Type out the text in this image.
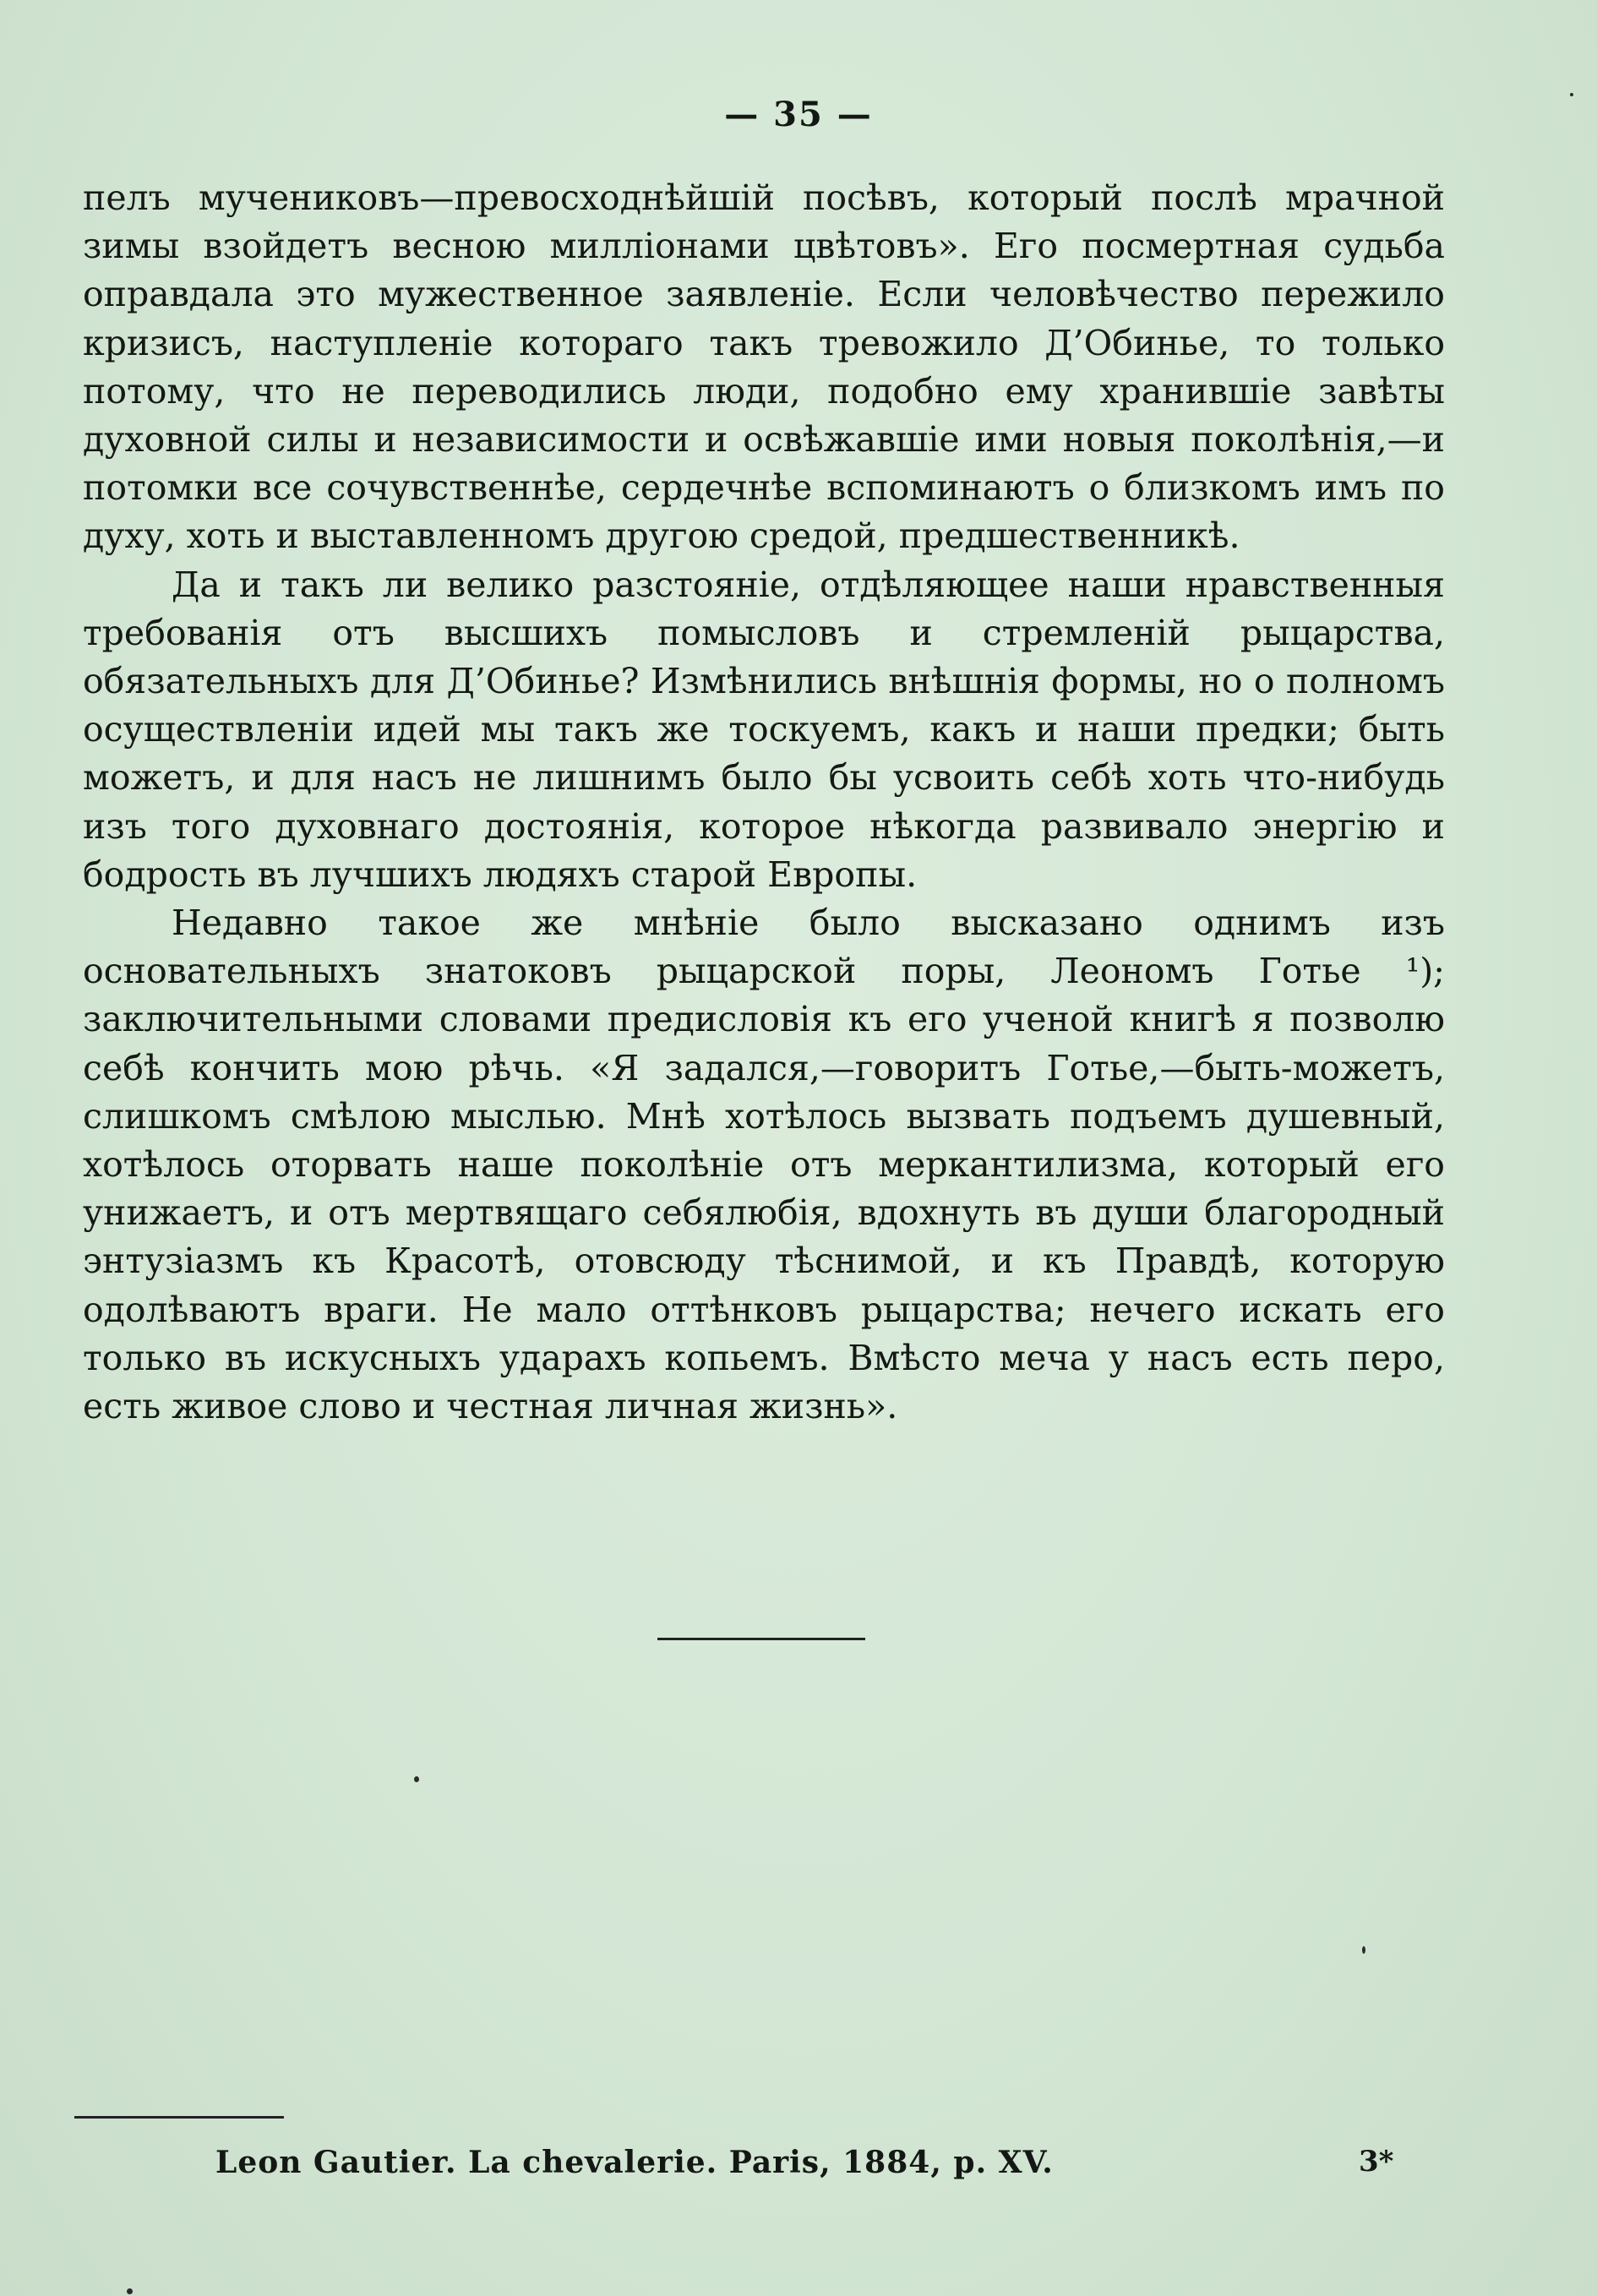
— 35 —

пелъ мучениковъ—превосходнѣйшій посѣвъ, который послѣ мрачной зимы взойдетъ весною милліонами цвѣтовъ». Его посмертная судьба оправдала это мужественное заявленіе. Если человѣчество пережило кризисъ, наступленіе котораго такъ тревожило Д’Обинье, то только потому, что не переводились люди, подобно ему хранившіе завѣты духовной силы и независимости и освѣжавшіе ими новыя поколѣнія,—и потомки все сочувственнѣе, сердечнѣе вспоминаютъ о близкомъ имъ по духу, хоть и выставленномъ другою средой, предшественникѣ.

Да и такъ ли велико разстояніе, отдѣляющее наши нравственныя требованія отъ высшихъ помысловъ и стремленій рыцарства, обязательныхъ для Д’Обинье? Измѣнились внѣшнія формы, но о полномъ осуществленіи идей мы такъ же тоскуемъ, какъ и наши предки; быть можетъ, и для насъ не лишнимъ было бы усвоить себѣ хоть что-нибудь изъ того духовнаго достоянія, которое нѣкогда развивало энергію и бодрость въ лучшихъ людяхъ старой Европы.

Недавно такое же мнѣніе было высказано однимъ изъ основательныхъ знатоковъ рыцарской поры, Леономъ Готье ¹); заключительными словами предисловія къ его ученой книгѣ я позволю себѣ кончить мою рѣчь. «Я задался,—говоритъ Готье,—быть-можетъ, слишкомъ смѣлою мыслью. Мнѣ хотѣлось вызвать подъемъ душевный, хотѣлось оторвать наше поколѣніе отъ меркантилизма, который его унижаетъ, и отъ мертвящаго себялюбія, вдохнуть въ души благородный энтузіазмъ къ Красотѣ, отовсюду тѣснимой, и къ Правдѣ, которую одолѣваютъ враги. Не мало оттѣнковъ рыцарства; нечего искать его только въ искусныхъ ударахъ копьемъ. Вмѣсто меча у насъ есть перо, есть живое слово и честная личная жизнь».

Leon Gautier. La chevalerie. Paris, 1884, p. XV.	3*
